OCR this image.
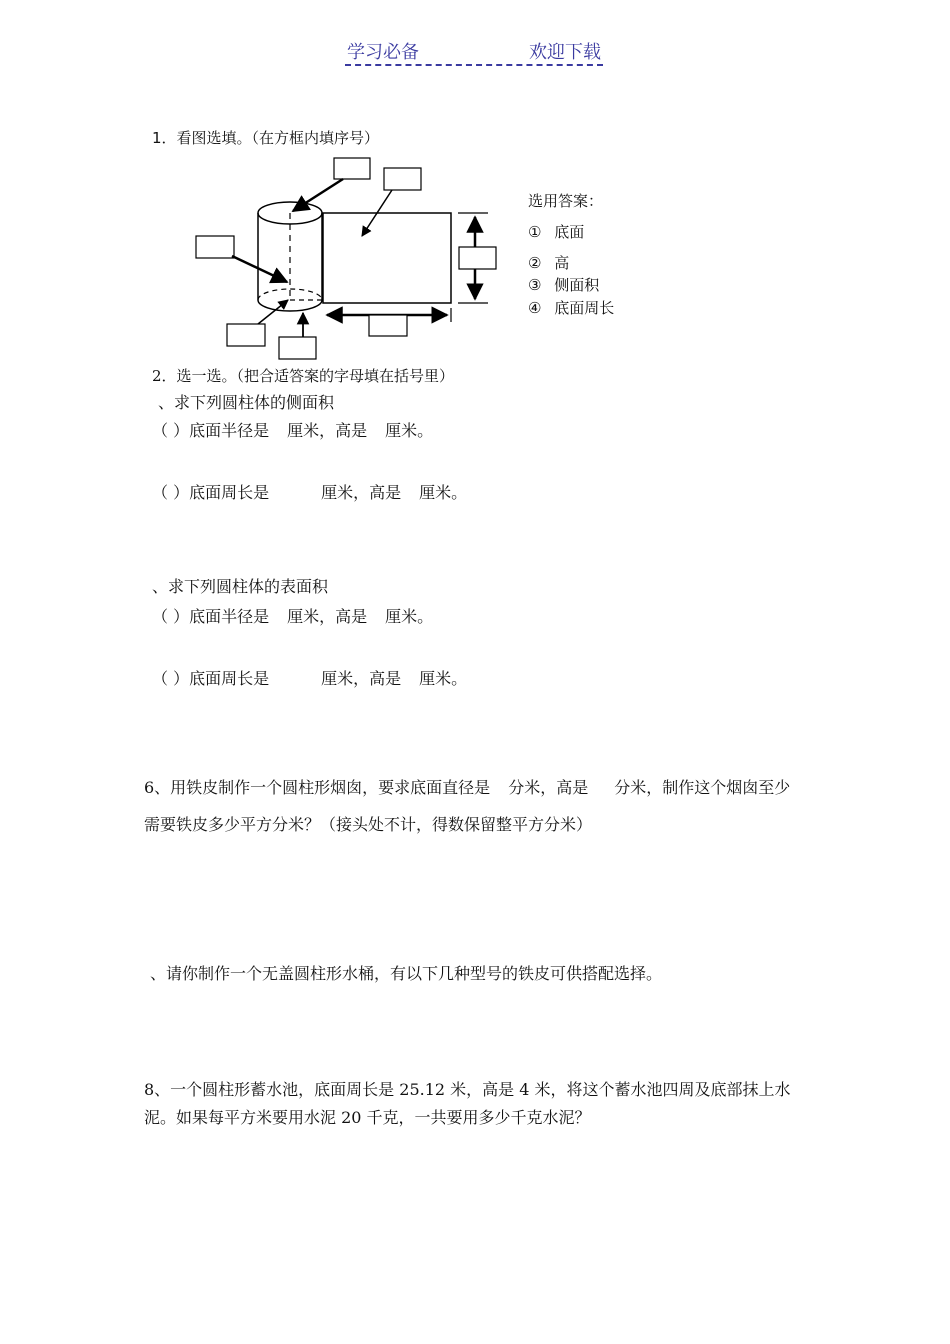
学习必备	欢迎下载
1．看图选填。（在方框内填序号）
选用答案：
① 底面
② 高
③ 侧面积
④ 底面周长
2．选一选。（把合适答案的字母填在括号里）
、求下列圆柱体的侧面积
（ ）底面半径是 厘米，高是 厘米。
（ ）底面周长是	厘米，高是 厘米。
、求下列圆柱体的表面积
（ ）底面半径是 厘米，高是 厘米。
（ ）底面周长是	厘米，高是 厘米。
6、用铁皮制作一个圆柱形烟囱，要求底面直径是 分米，高是 分米，制作这个烟囱至少
需要铁皮多少平方分米？（接头处不计，得数保留整平方分米）
、请你制作一个无盖圆柱形水桶，有以下几种型号的铁皮可供搭配选择。
8、一个圆柱形蓄水池，底面周长是 25.12 米，高是 4 米，将这个蓄水池四周及底部抹上水
泥。如果每平方米要用水泥 20 千克，一共要用多少千克水泥？
